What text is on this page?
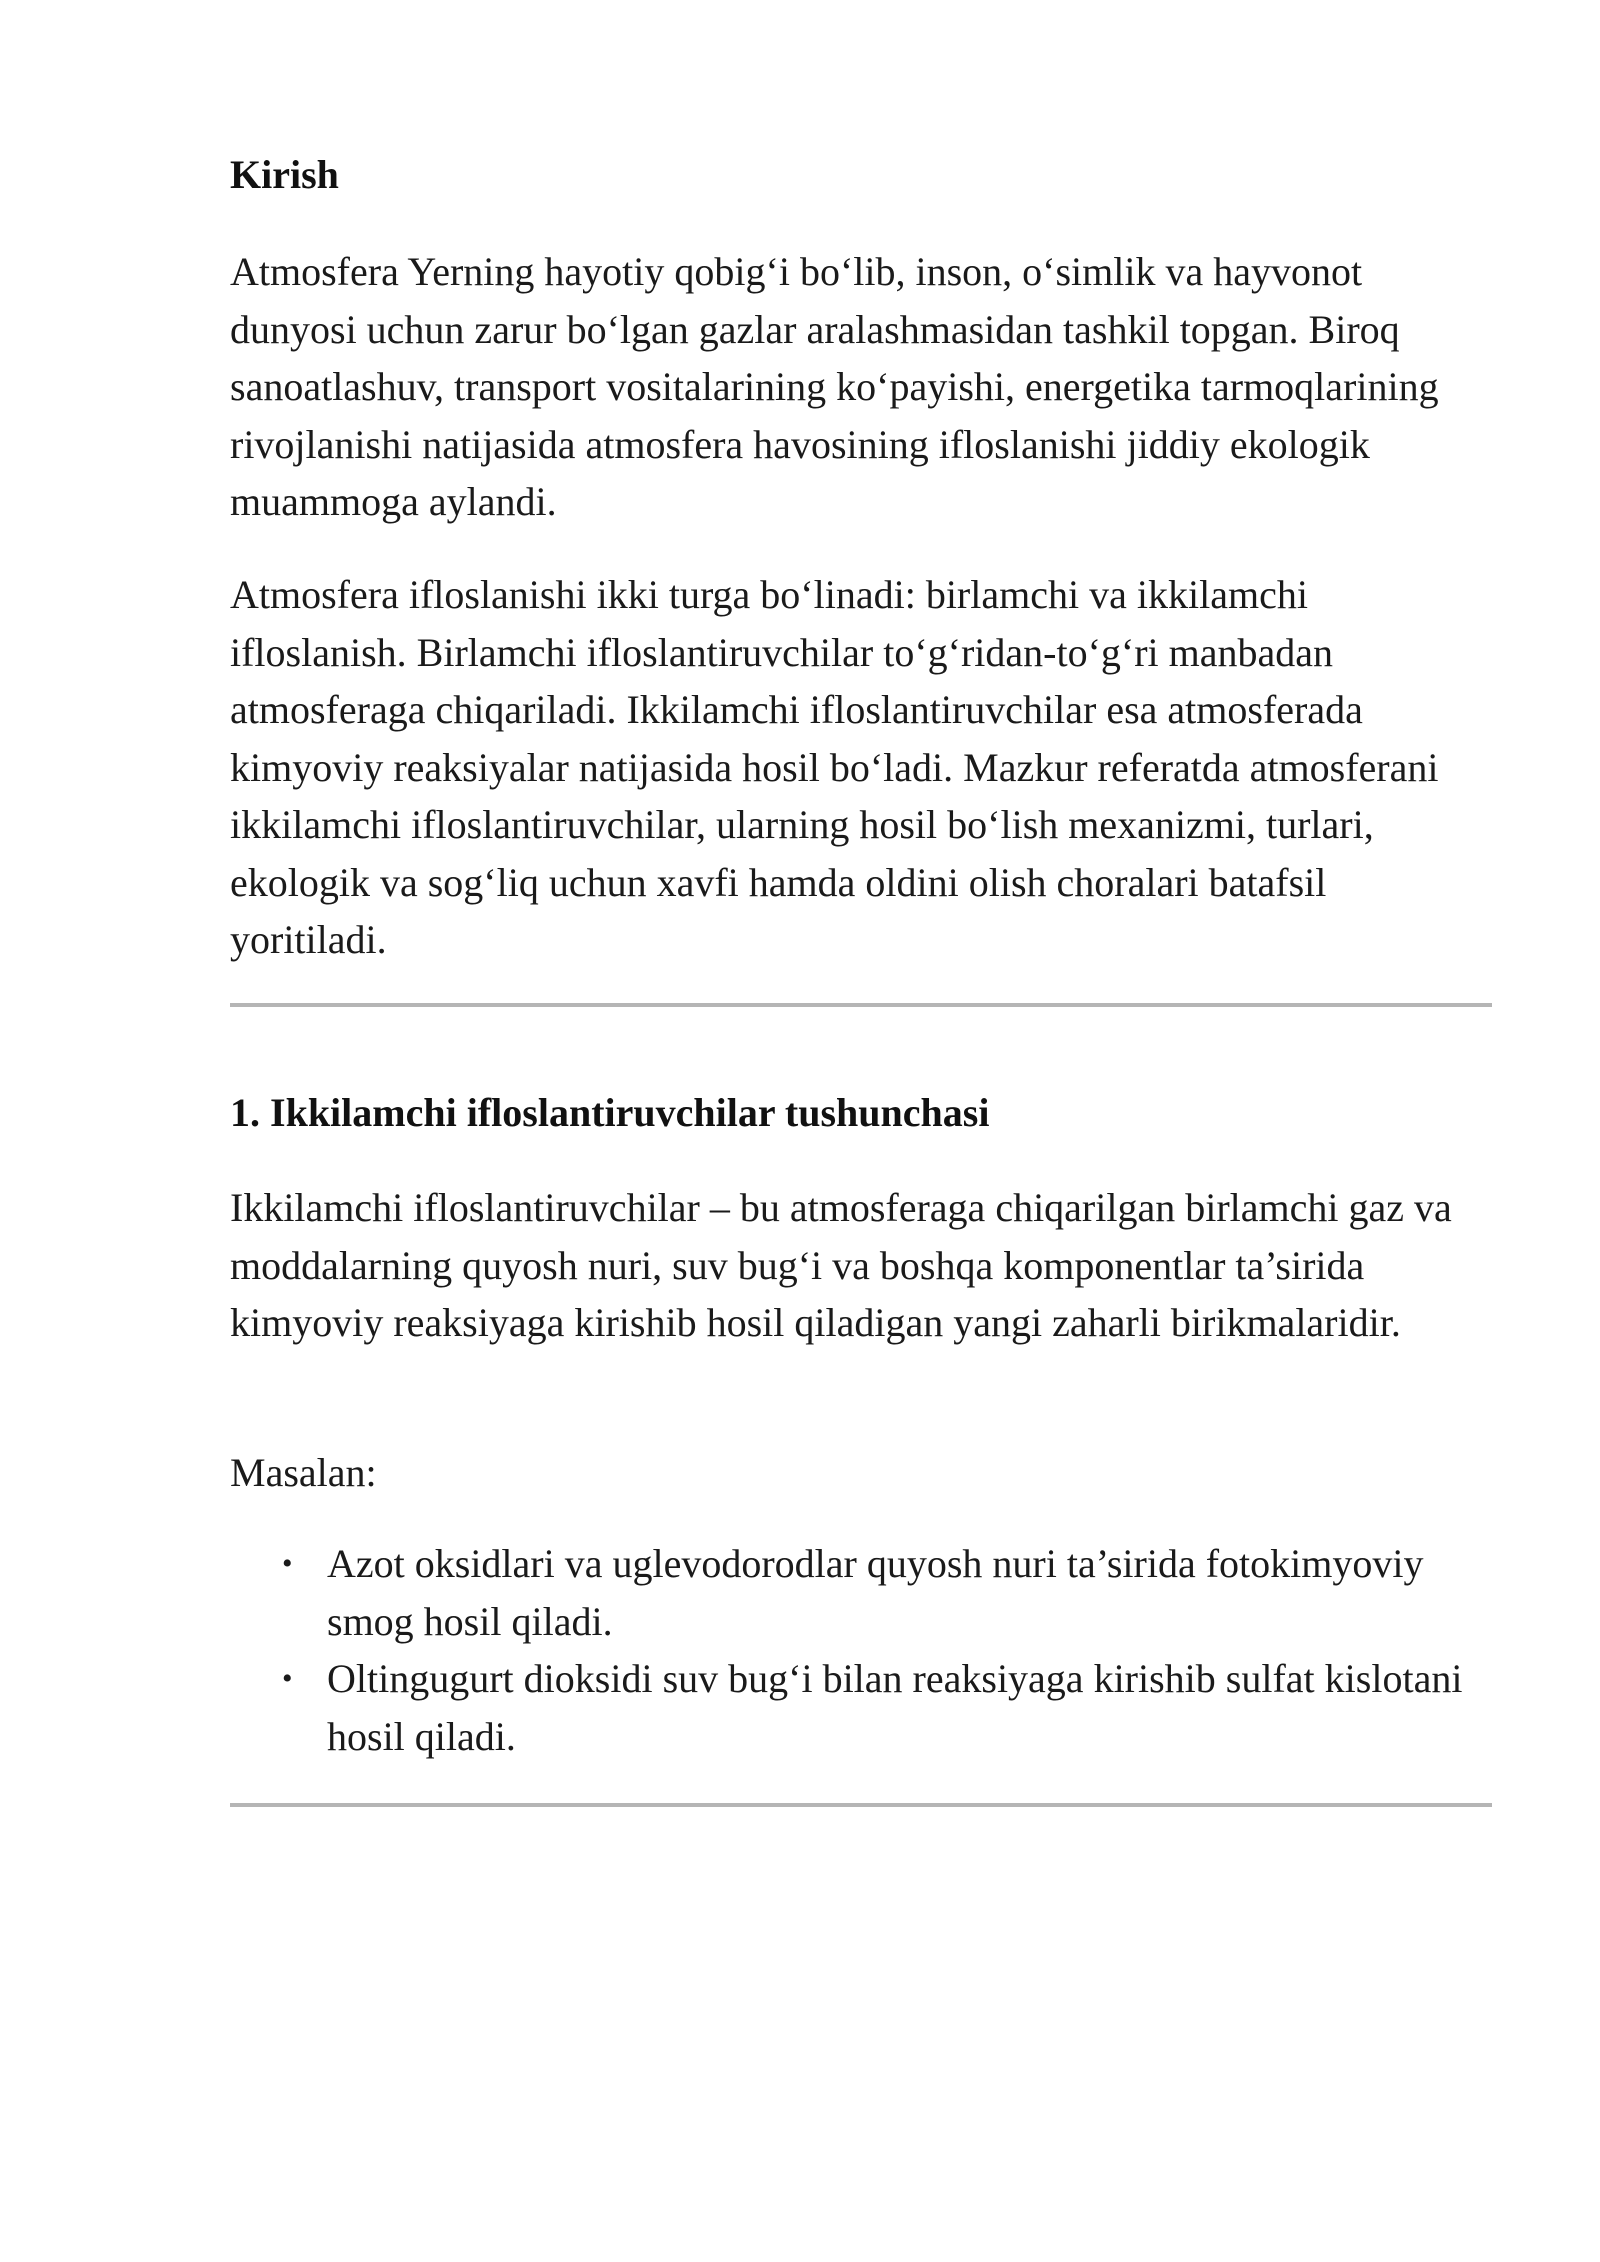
Kirish

Atmosfera Yerning hayotiy qobig‘i bo‘lib, inson, o‘simlik va hayvonot dunyosi uchun zarur bo‘lgan gazlar aralashmasidan tashkil topgan. Biroq sanoatlashuv, transport vositalarining ko‘payishi, energetika tarmoqlarining rivojlanishi natijasida atmosfera havosining ifloslanishi jiddiy ekologik muammoga aylandi.

Atmosfera ifloslanishi ikki turga bo‘linadi: birlamchi va ikkilamchi ifloslanish. Birlamchi ifloslantiruvchilar to‘g‘ridan-to‘g‘ri manbadan atmosferaga chiqariladi. Ikkilamchi ifloslantiruvchilar esa atmosferada kimyoviy reaksiyalar natijasida hosil bo‘ladi. Mazkur referatda atmosferani ikkilamchi ifloslantiruvchilar, ularning hosil bo‘lish mexanizmi, turlari, ekologik va sog‘liq uchun xavfi hamda oldini olish choralari batafsil yoritiladi.

1. Ikkilamchi ifloslantiruvchilar tushunchasi

Ikkilamchi ifloslantiruvchilar – bu atmosferaga chiqarilgan birlamchi gaz va moddalarning quyosh nuri, suv bug‘i va boshqa komponentlar ta’sirida kimyoviy reaksiyaga kirishib hosil qiladigan yangi zaharli birikmalaridir.

Masalan:

• Azot oksidlari va uglevodorodlar quyosh nuri ta’sirida fotokimyoviy smog hosil qiladi.
• Oltingugurt dioksidi suv bug‘i bilan reaksiyaga kirishib sulfat kislotani hosil qiladi.
